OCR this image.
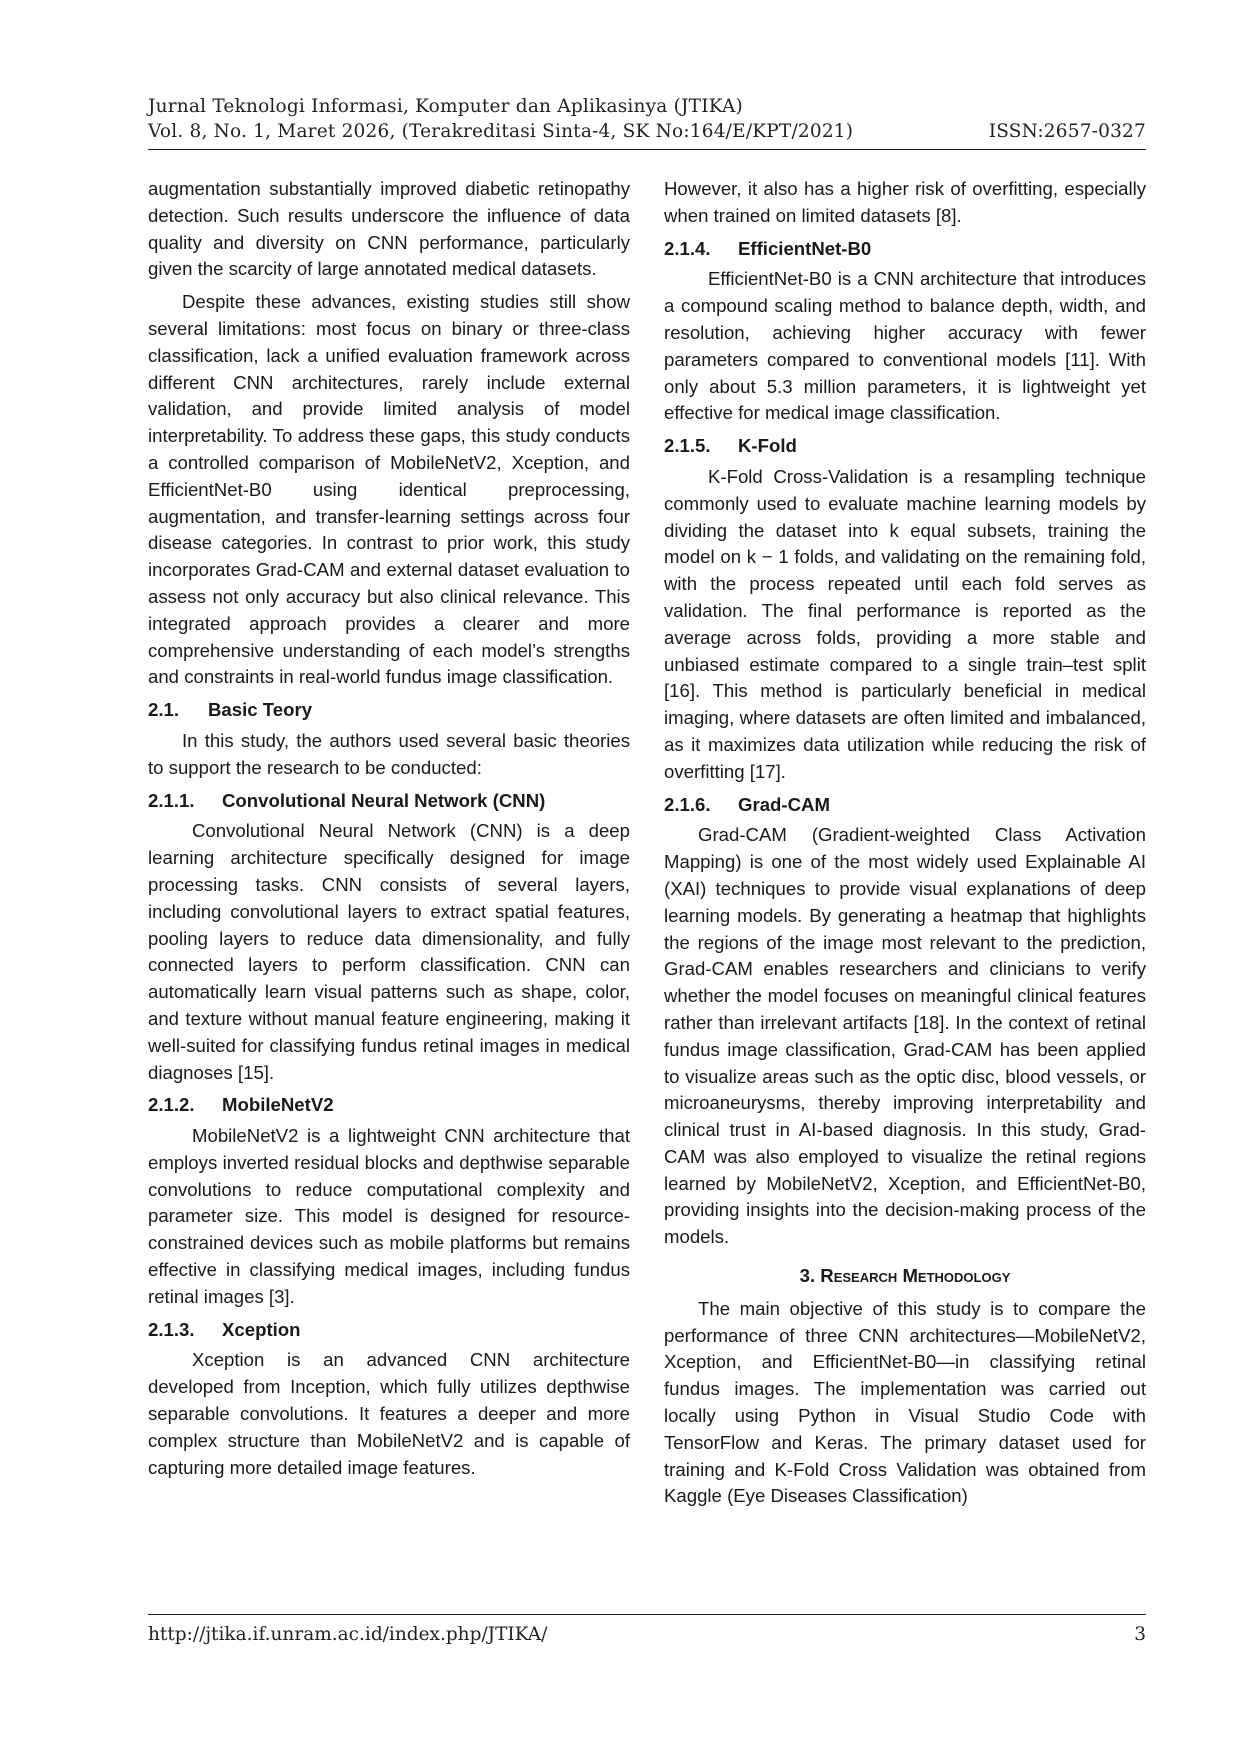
Jurnal Teknologi Informasi, Komputer dan Aplikasinya (JTIKA)
Vol. 8, No. 1, Maret 2026, (Terakreditasi Sinta-4, SK No:164/E/KPT/2021)	ISSN:2657-0327

augmentation substantially improved diabetic retinopathy detection. Such results underscore the influence of data quality and diversity on CNN performance, particularly given the scarcity of large annotated medical datasets.

Despite these advances, existing studies still show several limitations: most focus on binary or three-class classification, lack a unified evaluation framework across different CNN architectures, rarely include external validation, and provide limited analysis of model interpretability. To address these gaps, this study conducts a controlled comparison of MobileNetV2, Xception, and EfficientNet-B0 using identical preprocessing, augmentation, and transfer-learning settings across four disease categories. In contrast to prior work, this study incorporates Grad-CAM and external dataset evaluation to assess not only accuracy but also clinical relevance. This integrated approach provides a clearer and more comprehensive understanding of each model’s strengths and constraints in real-world fundus image classification.

2.1.	Basic Teory

In this study, the authors used several basic theories to support the research to be conducted:

2.1.1.	Convolutional Neural Network (CNN)

Convolutional Neural Network (CNN) is a deep learning architecture specifically designed for image processing tasks. CNN consists of several layers, including convolutional layers to extract spatial features, pooling layers to reduce data dimensionality, and fully connected layers to perform classification. CNN can automatically learn visual patterns such as shape, color, and texture without manual feature engineering, making it well-suited for classifying fundus retinal images in medical diagnoses [15].

2.1.2.	MobileNetV2

MobileNetV2 is a lightweight CNN architecture that employs inverted residual blocks and depthwise separable convolutions to reduce computational complexity and parameter size. This model is designed for resource-constrained devices such as mobile platforms but remains effective in classifying medical images, including fundus retinal images [3].

2.1.3.	Xception

Xception is an advanced CNN architecture developed from Inception, which fully utilizes depthwise separable convolutions. It features a deeper and more complex structure than MobileNetV2 and is capable of capturing more detailed image features.

However, it also has a higher risk of overfitting, especially when trained on limited datasets [8].

2.1.4.	EfficientNet-B0

EfficientNet-B0 is a CNN architecture that introduces a compound scaling method to balance depth, width, and resolution, achieving higher accuracy with fewer parameters compared to conventional models [11]. With only about 5.3 million parameters, it is lightweight yet effective for medical image classification.

2.1.5.	K-Fold

K-Fold Cross-Validation is a resampling technique commonly used to evaluate machine learning models by dividing the dataset into k equal subsets, training the model on k − 1 folds, and validating on the remaining fold, with the process repeated until each fold serves as validation. The final performance is reported as the average across folds, providing a more stable and unbiased estimate compared to a single train–test split [16]. This method is particularly beneficial in medical imaging, where datasets are often limited and imbalanced, as it maximizes data utilization while reducing the risk of overfitting [17].

2.1.6.	Grad-CAM

Grad-CAM (Gradient-weighted Class Activation Mapping) is one of the most widely used Explainable AI (XAI) techniques to provide visual explanations of deep learning models. By generating a heatmap that highlights the regions of the image most relevant to the prediction, Grad-CAM enables researchers and clinicians to verify whether the model focuses on meaningful clinical features rather than irrelevant artifacts [18]. In the context of retinal fundus image classification, Grad-CAM has been applied to visualize areas such as the optic disc, blood vessels, or microaneurysms, thereby improving interpretability and clinical trust in AI-based diagnosis. In this study, Grad-CAM was also employed to visualize the retinal regions learned by MobileNetV2, Xception, and EfficientNet-B0, providing insights into the decision-making process of the models.

3. Research Methodology

The main objective of this study is to compare the performance of three CNN architectures—MobileNetV2, Xception, and EfficientNet-B0—in classifying retinal fundus images. The implementation was carried out locally using Python in Visual Studio Code with TensorFlow and Keras. The primary dataset used for training and K-Fold Cross Validation was obtained from Kaggle (Eye Diseases Classification)

http://jtika.if.unram.ac.id/index.php/JTIKA/	3
